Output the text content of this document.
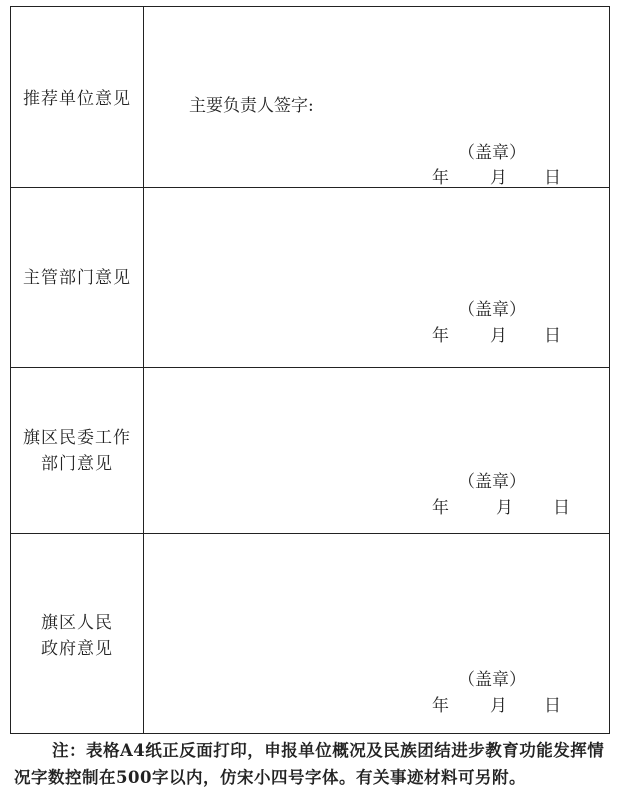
推荐单位意见	主要负责人签字:
（盖章）
年 月 日
主管部门意见
（盖章）
年 月 日
旗区民委工作
部门意见
（盖章）
年	月 日
旗区人民
政府意见
（盖章）
年 月 日
注：表格A4纸正反面打印，申报单位概况及民族团结进步教育功能发挥情况字数控制在500字以内，仿宋小四号字体。有关事迹材料可另附。
